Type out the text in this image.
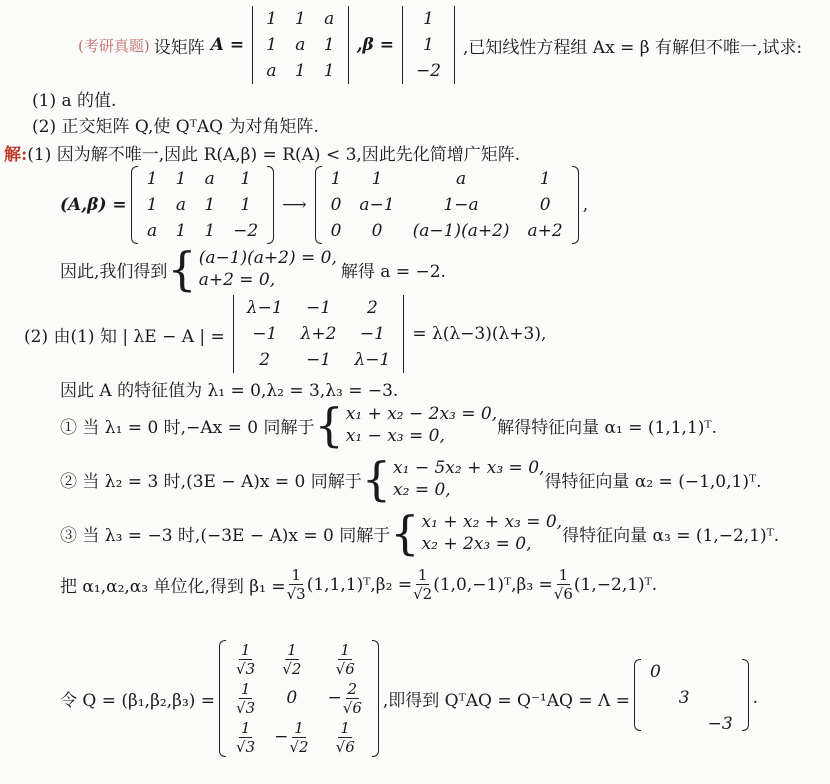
(考研真题) 设矩阵 A =
1	1	a
1	a	1
a	1	1
,β =
1
1
−2
,已知线性方程组 Ax = β 有解但不唯一,试求:
(1) a 的值.
(2) 正交矩阵 Q,使 QᵀAQ 为对角矩阵.
解: (1) 因为解不唯一,因此 R(A,β) = R(A) < 3,因此先化简增广矩阵.
(A,β) =
1	1	a	1
1	a	1	1
a	1	1	−2
⟶
1	1	a	1
0	a−1	1−a	0
0	0	(a−1)(a+2)	a+2
,
因此,我们得到 { (a−1)(a+2) = 0,
a+2 = 0,	解得 a = −2.
(2) 由(1) 知 | λE − A | =
λ−1	−1	2
−1	λ+2	−1
2	−1	λ−1
= λ(λ−3)(λ+3),
因此 A 的特征值为 λ₁ = 0,λ₂ = 3,λ₃ = −3.
① 当 λ₁ = 0 时,−Ax = 0 同解于 { x₁ + x₂ − 2x₃ = 0,
x₁ − x₃ = 0,	解得特征向量 α₁ = (1,1,1)ᵀ.
② 当 λ₂ = 3 时,(3E − A)x = 0 同解于 { x₁ − 5x₂ + x₃ = 0,
x₂ = 0,	得特征向量 α₂ = (−1,0,1)ᵀ.
③ 当 λ₃ = −3 时,(−3E − A)x = 0 同解于 { x₁ + x₂ + x₃ = 0,
x₂ + 2x₃ = 0,	得特征向量 α₃ = (1,−2,1)ᵀ.
把 α₁,α₂,α₃ 单位化,得到 $\beta_1 = \frac{1}{√3}$ (1,1,1)ᵀ,β₂ = $\frac{1}{√2}$ (1,0,−1)ᵀ,β₃ = $\frac{1}{√6}$ (1,−2,1)ᵀ.
令 Q = (β₁,β₂,β₃) =
$\frac{1}{√3}$	$\frac{1}{√2}$	$\frac{1}{√6}$

$\frac{1}{√3}$	0	− $\frac{2}{√6}$

$\frac{1}{√3}$	− $\frac{1}{√2}$	$\frac{1}{√6}$
,即得到 QᵀAQ = Q⁻¹AQ = Λ =
0		
	3	
		−3
.
